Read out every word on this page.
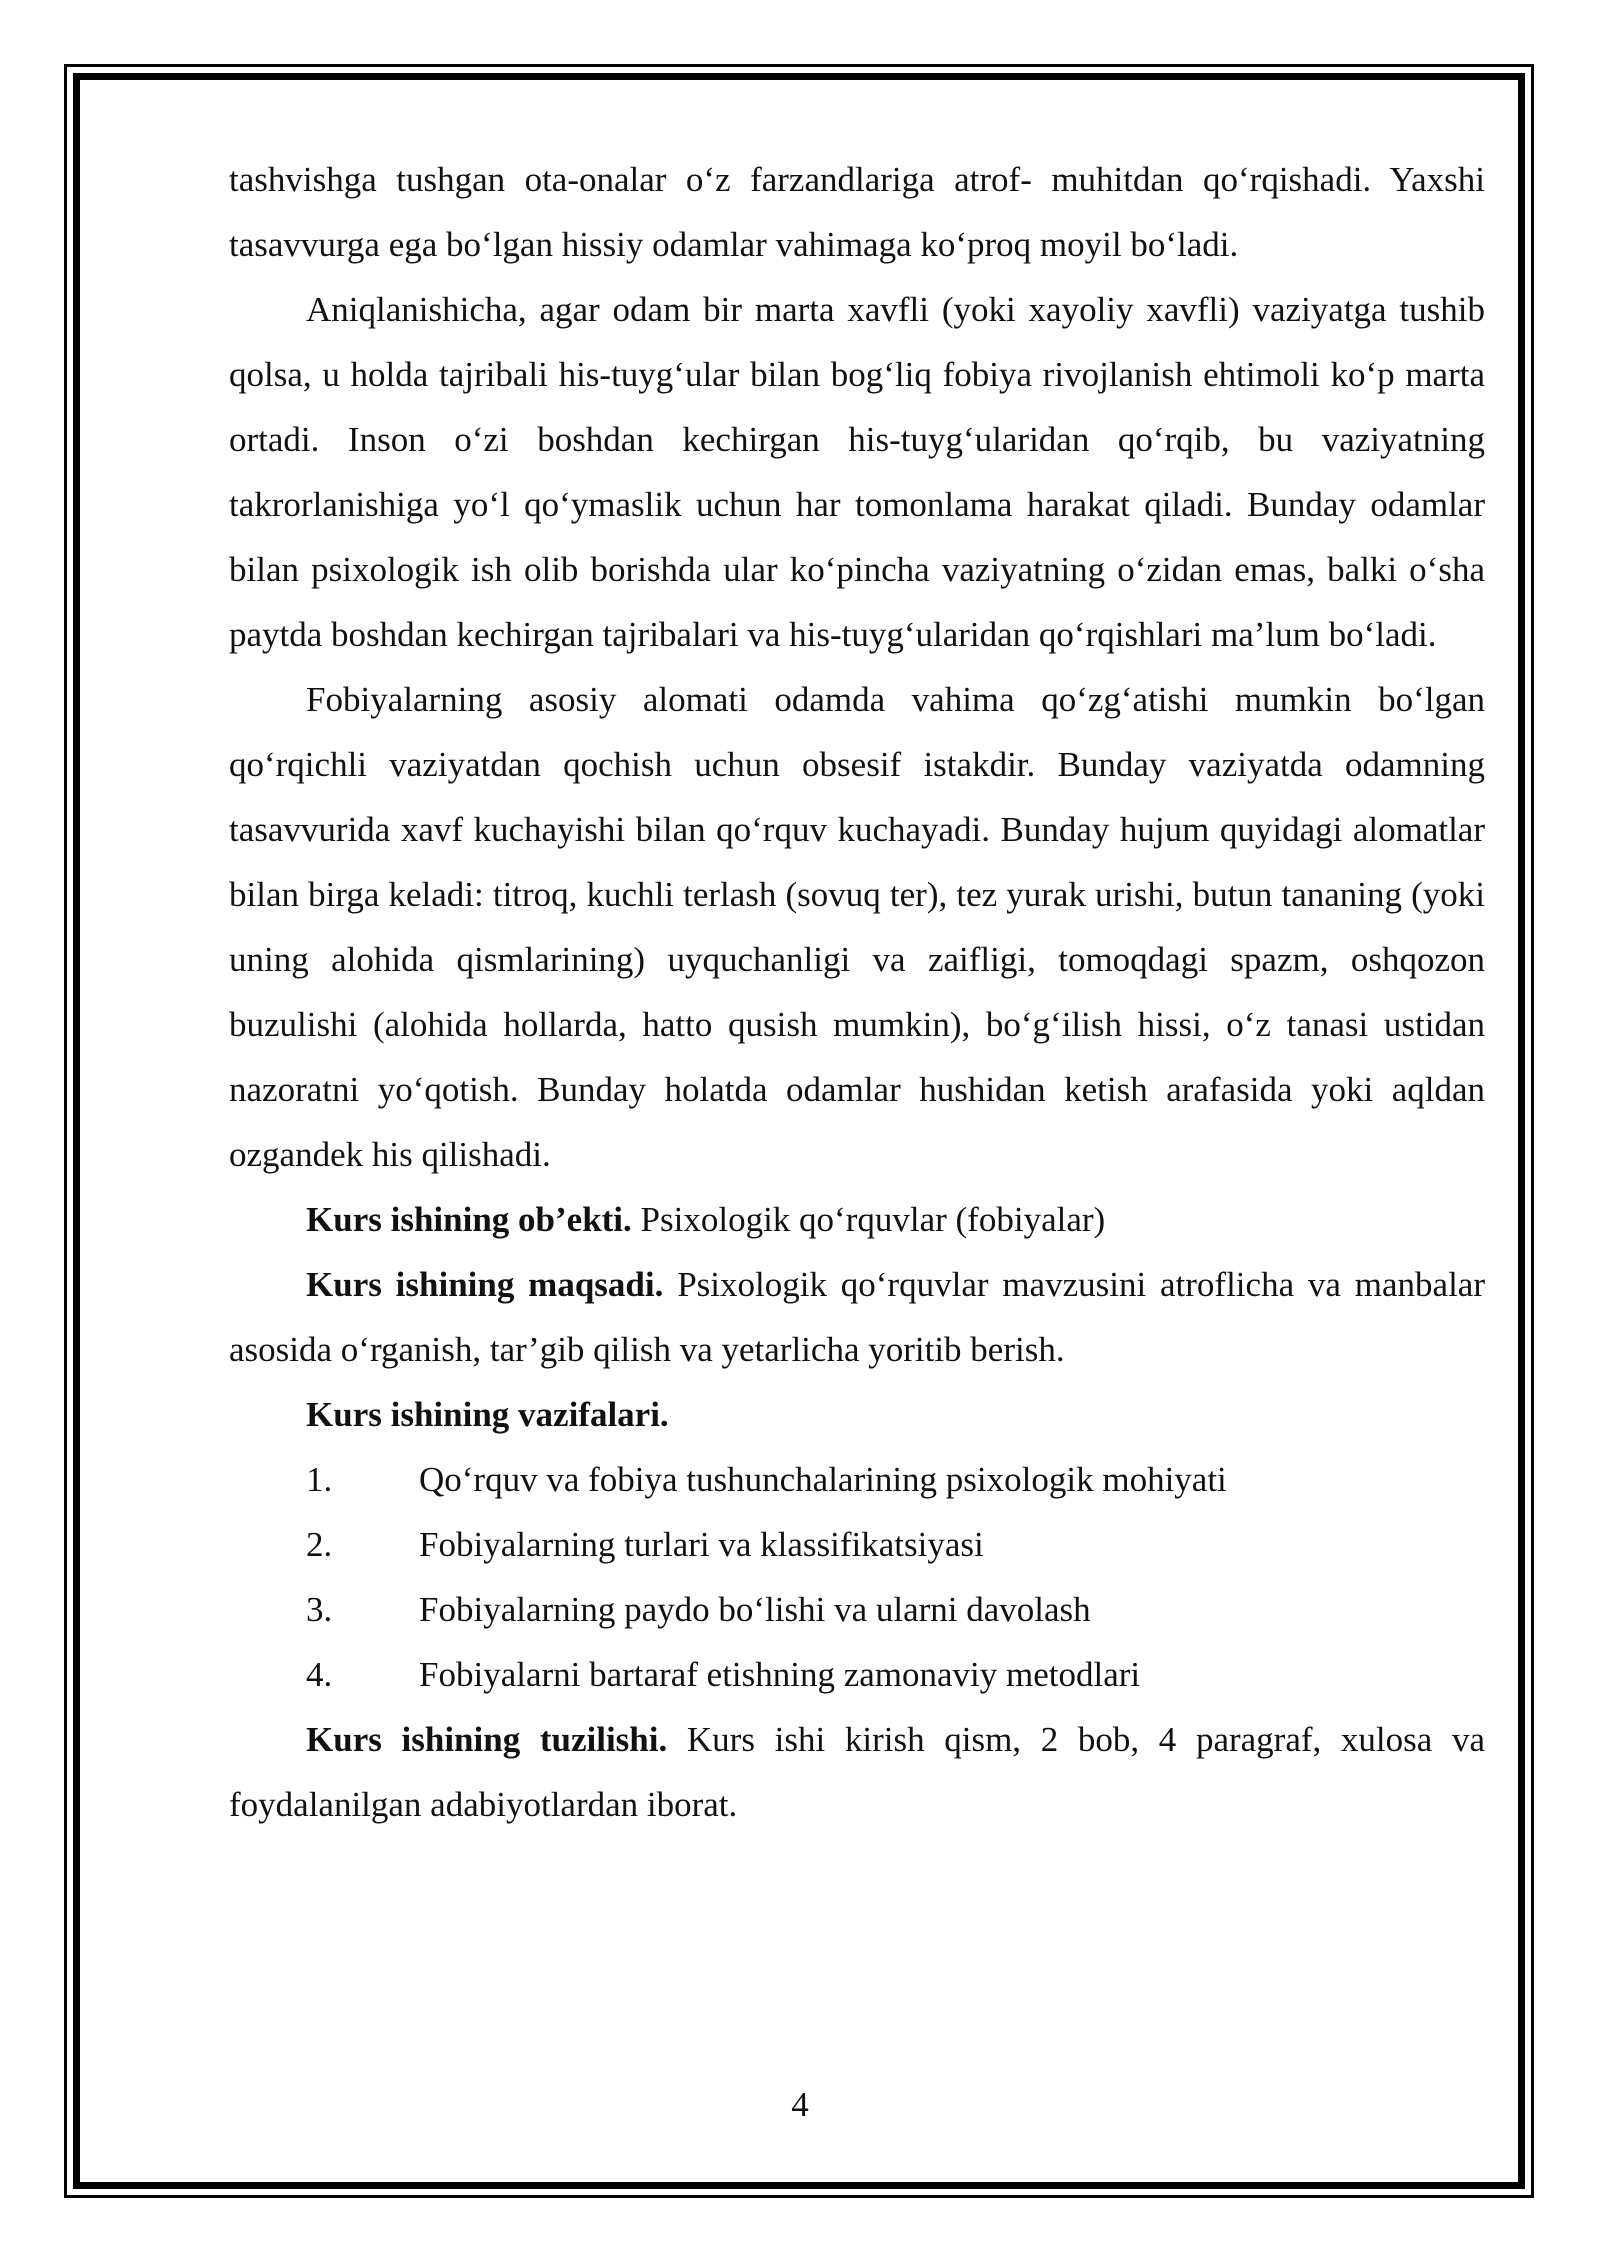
tashvishga tushgan ota-onalar o‘z farzandlariga atrof- muhitdan qo‘rqishadi. Yaxshi tasavvurga ega bo‘lgan hissiy odamlar vahimaga ko‘proq moyil bo‘ladi.

Aniqlanishicha, agar odam bir marta xavfli (yoki xayoliy xavfli) vaziyatga tushib qolsa, u holda tajribali his-tuyg‘ular bilan bog‘liq fobiya rivojlanish ehtimoli ko‘p marta ortadi. Inson o‘zi boshdan kechirgan his-tuyg‘ularidan qo‘rqib, bu vaziyatning takrorlanishiga yo‘l qo‘ymaslik uchun har tomonlama harakat qiladi. Bunday odamlar bilan psixologik ish olib borishda ular ko‘pincha vaziyatning o‘zidan emas, balki o‘sha paytda boshdan kechirgan tajribalari va his-tuyg‘ularidan qo‘rqishlari ma’lum bo‘ladi.

Fobiyalarning asosiy alomati odamda vahima qo‘zg‘atishi mumkin bo‘lgan qo‘rqichli vaziyatdan qochish uchun obsesif istakdir. Bunday vaziyatda odamning tasavvurida xavf kuchayishi bilan qo‘rquv kuchayadi. Bunday hujum quyidagi alomatlar bilan birga keladi: titroq, kuchli terlash (sovuq ter), tez yurak urishi, butun tananing (yoki uning alohida qismlarining) uyquchanligi va zaifligi, tomoqdagi spazm, oshqozon buzulishi (alohida hollarda, hatto qusish mumkin), bo‘g‘ilish hissi, o‘z tanasi ustidan nazoratni yo‘qotish. Bunday holatda odamlar hushidan ketish arafasida yoki aqldan ozgandek his qilishadi.

Kurs ishining ob’ekti. Psixologik qo‘rquvlar (fobiyalar)

Kurs ishining maqsadi. Psixologik qo‘rquvlar mavzusini atroflicha va manbalar asosida o‘rganish, tar’gib qilish va yetarlicha yoritib berish.

Kurs ishining vazifalari.

1. Qo‘rquv va fobiya tushunchalarining psixologik mohiyati
2. Fobiyalarning turlari va klassifikatsiyasi
3. Fobiyalarning paydo bo‘lishi va ularni davolash
4. Fobiyalarni bartaraf etishning zamonaviy metodlari

Kurs ishining tuzilishi. Kurs ishi kirish qism, 2 bob, 4 paragraf, xulosa va foydalanilgan adabiyotlardan iborat.

4
